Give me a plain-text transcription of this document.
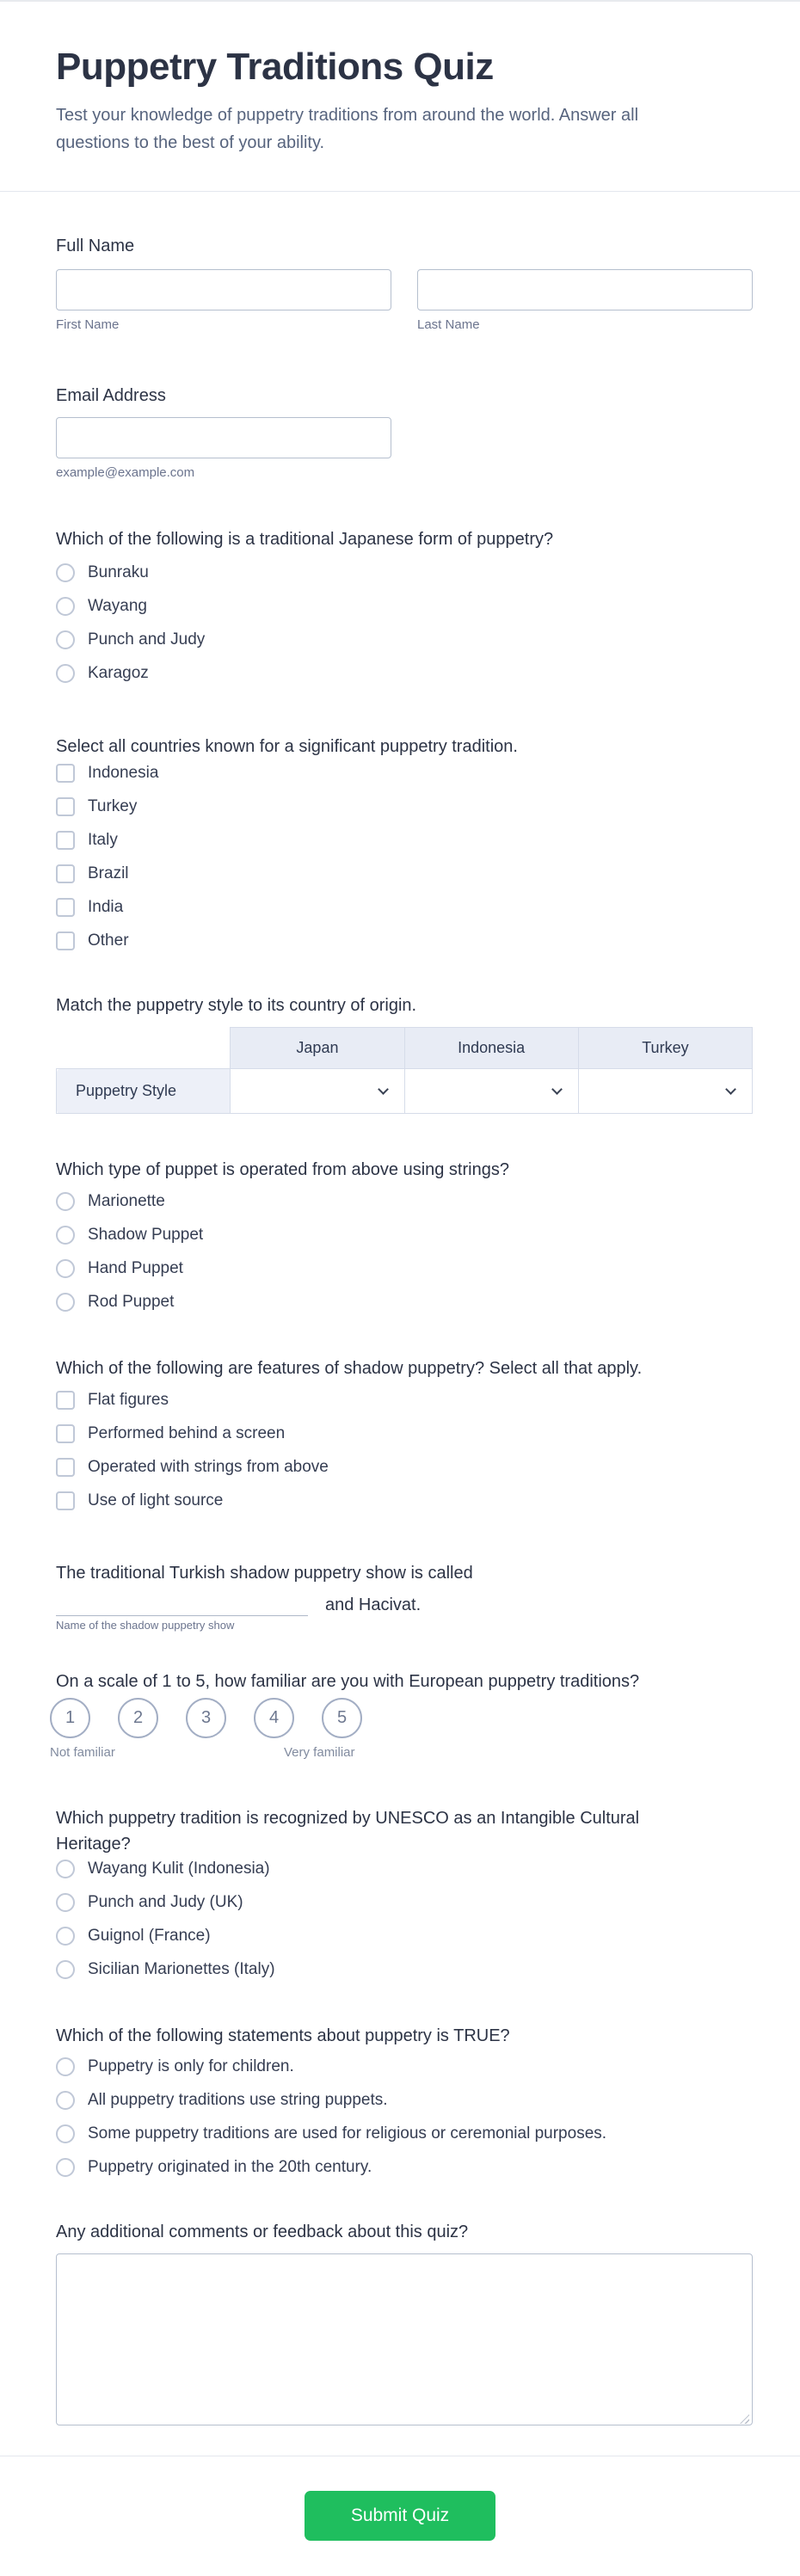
Puppetry Traditions Quiz

Test your knowledge of puppetry traditions from around the world. Answer all questions to the best of your ability.

Full Name
First Name	Last Name
Email Address
example@example.com
Which of the following is a traditional Japanese form of puppetry?
Bunraku
Wayang
Punch and Judy
Karagoz
Select all countries known for a significant puppetry tradition.
Indonesia
Turkey
Italy
Brazil
India
Other
Match the puppetry style to its country of origin.
	Japan	Indonesia	Turkey
Puppetry Style	

Which type of puppet is operated from above using strings?
Marionette
Shadow Puppet
Hand Puppet
Rod Puppet
Which of the following are features of shadow puppetry? Select all that apply.
Flat figures
Performed behind a screen
Operated with strings from above
Use of light source
The traditional Turkish shadow puppetry show is called
and Hacivat.
Name of the shadow puppetry show
On a scale of 1 to 5, how familiar are you with European puppetry traditions?
1	2	3	4	5
Not familiar	Very familiar
Which puppetry tradition is recognized by UNESCO as an Intangible Cultural Heritage?
Wayang Kulit (Indonesia)
Punch and Judy (UK)
Guignol (France)
Sicilian Marionettes (Italy)
Which of the following statements about puppetry is TRUE?
Puppetry is only for children.
All puppetry traditions use string puppets.
Some puppetry traditions are used for religious or ceremonial purposes.
Puppetry originated in the 20th century.
Any additional comments or feedback about this quiz?
Submit Quiz
